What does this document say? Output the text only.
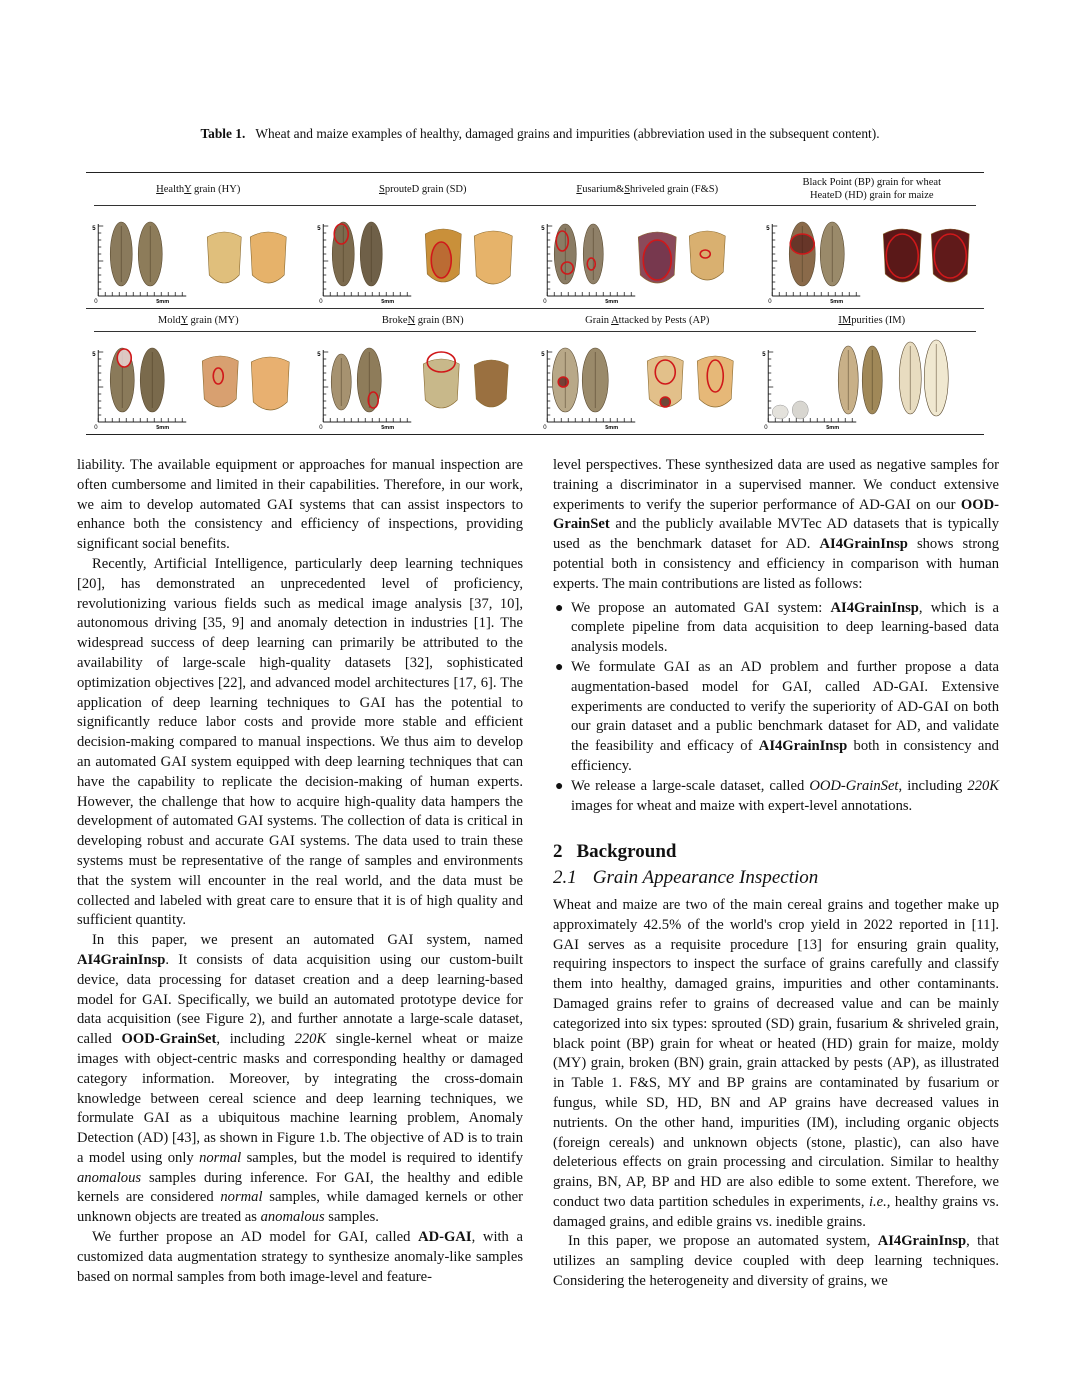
Table 1. Wheat and maize examples of healthy, damaged grains and impurities (abbreviation used in the subsequent content).
HealthY grain (HY)	SprouteD grain (SD)	Fusarium&Shriveled grain (F&S)
Black Point (BP) grain for wheat
HeateD (HD) grain for maize
0
5
5mm	0
5
5mm	0
5
5mm	0
5
5mm
MoldY grain (MY)	BrokeN grain (BN)	Grain Attacked by Pests (AP)	IMpurities (IM)
0
5
5mm	0
5
5mm	0
5
5mm	0
5
5mm

liability. The available equipment or approaches for manual inspection are often cumbersome and limited in their capabilities. Therefore, in our work, we aim to develop automated GAI systems that can assist inspectors to enhance both the consistency and efficiency of inspections, providing significant social benefits.

Recently, Artificial Intelligence, particularly deep learning techniques [20], has demonstrated an unprecedented level of proficiency, revolutionizing various fields such as medical image analysis [37, 10], autonomous driving [35, 9] and anomaly detection in industries [1]. The widespread success of deep learning can primarily be attributed to the availability of large-scale high-quality datasets [32], sophisticated optimization objectives [22], and advanced model architectures [17, 6]. The application of deep learning techniques to GAI has the potential to significantly reduce labor costs and provide more stable and efficient decision-making compared to manual inspections. We thus aim to develop an automated GAI system equipped with deep learning techniques that can have the capability to replicate the decision-making of human experts. However, the challenge that how to acquire high-quality data hampers the development of automated GAI systems. The collection of data is critical in developing robust and accurate GAI systems. The data used to train these systems must be representative of the range of samples and environments that the system will encounter in the real world, and the data must be collected and labeled with great care to ensure that it is of high quality and sufficient quantity.

In this paper, we present an automated GAI system, named AI4GrainInsp. It consists of data acquisition using our custom-built device, data processing for dataset creation and a deep learning-based model for GAI. Specifically, we build an automated prototype device for data acquisition (see Figure 2), and further annotate a large-scale dataset, called OOD-GrainSet, including 220K single-kernel wheat or maize images with object-centric masks and corresponding healthy or damaged category information. Moreover, by integrating the cross-domain knowledge between cereal science and deep learning techniques, we formulate GAI as a ubiquitous machine learning problem, Anomaly Detection (AD) [43], as shown in Figure 1.b. The objective of AD is to train a model using only normal samples, but the model is required to identify anomalous samples during inference. For GAI, the healthy and edible kernels are considered normal samples, while damaged kernels or other unknown objects are treated as anomalous samples.

We further propose an AD model for GAI, called AD-GAI, with a customized data augmentation strategy to synthesize anomaly-like samples based on normal samples from both image-level and feature-

level perspectives. These synthesized data are used as negative samples for training a discriminator in a supervised manner. We conduct extensive experiments to verify the superior performance of AD-GAI on our OOD-GrainSet and the publicly available MVTec AD datasets that is typically used as the benchmark dataset for AD. AI4GrainInsp shows strong potential both in consistency and efficiency in comparison with human experts. The main contributions are listed as follows:

● We propose an automated GAI system: AI4GrainInsp, which is a complete pipeline from data acquisition to deep learning-based data analysis models.
● We formulate GAI as an AD problem and further propose a data augmentation-based model for GAI, called AD-GAI. Extensive experiments are conducted to verify the superiority of AD-GAI on both our grain dataset and a public benchmark dataset for AD, and validate the feasibility and efficacy of AI4GrainInsp both in consistency and efficiency.
● We release a large-scale dataset, called OOD-GrainSet, including 220K images for wheat and maize with expert-level annotations.
2 Background
2.1 Grain Appearance Inspection

Wheat and maize are two of the main cereal grains and together make up approximately 42.5% of the world's crop yield in 2022 reported in [11]. GAI serves as a requisite procedure [13] for ensuring grain quality, requiring inspectors to inspect the surface of grains carefully and classify them into healthy, damaged grains, impurities and other contaminants. Damaged grains refer to grains of decreased value and can be mainly categorized into six types: sprouted (SD) grain, fusarium & shriveled grain, black point (BP) grain for wheat or heated (HD) grain for maize, moldy (MY) grain, broken (BN) grain, grain attacked by pests (AP), as illustrated in Table 1. F&S, MY and BP grains are contaminated by fusarium or fungus, while SD, HD, BN and AP grains have decreased values in nutrients. On the other hand, impurities (IM), including organic objects (foreign cereals) and unknown objects (stone, plastic), can also have deleterious effects on grain processing and circulation. Similar to healthy grains, BN, AP, BP and HD are also edible to some extent. Therefore, we conduct two data partition schedules in experiments, i.e., healthy grains vs. damaged grains, and edible grains vs. inedible grains.

In this paper, we propose an automated system, AI4GrainInsp, that utilizes an sampling device coupled with deep learning techniques. Considering the heterogeneity and diversity of grains, we
